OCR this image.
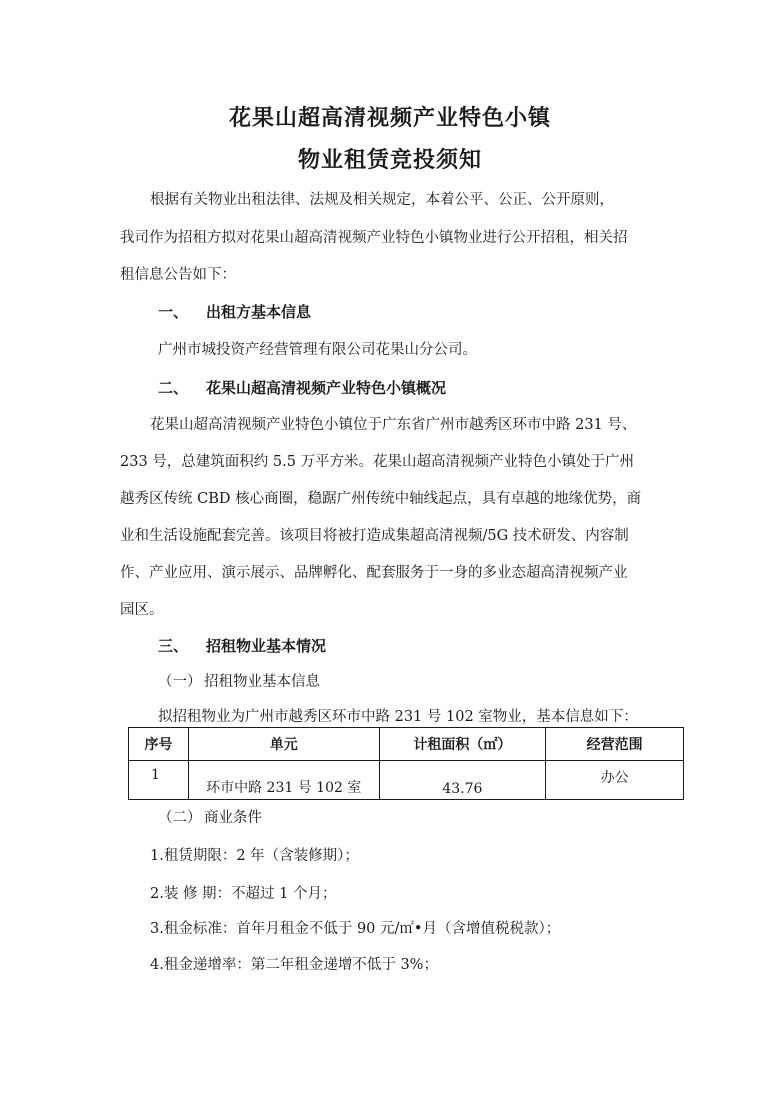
花果山超高清视频产业特色小镇
物业租赁竞投须知
根据有关物业出租法律、法规及相关规定，本着公平、公正、公开原则，
我司作为招租方拟对花果山超高清视频产业特色小镇物业进行公开招租，相关招
租信息公告如下：
一、 出租方基本信息
广州市城投资产经营管理有限公司花果山分公司。
二、 花果山超高清视频产业特色小镇概况
花果山超高清视频产业特色小镇位于广东省广州市越秀区环市中路 231 号、
233 号，总建筑面积约 5.5 万平方米。花果山超高清视频产业特色小镇处于广州
越秀区传统 CBD 核心商圈，稳踞广州传统中轴线起点，具有卓越的地缘优势，商
业和生活设施配套完善。该项目将被打造成集超高清视频/5G 技术研发、内容制
作、产业应用、演示展示、品牌孵化、配套服务于一身的多业态超高清视频产业
园区。
三、 招租物业基本情况
（一） 招租物业基本信息
拟招租物业为广州市越秀区环市中路 231 号 102 室物业，基本信息如下：
序号	单元	计租面积（㎡）	经营范围
1	环市中路 231 号 102 室	43.76	办公
（二） 商业条件
1.租赁期限：2 年（含装修期）；
2.装 修 期：不超过 1 个月；
3.租金标准：首年月租金不低于 90 元/㎡•月（含增值税税款）；
4.租金递增率：第二年租金递增不低于 3%；
